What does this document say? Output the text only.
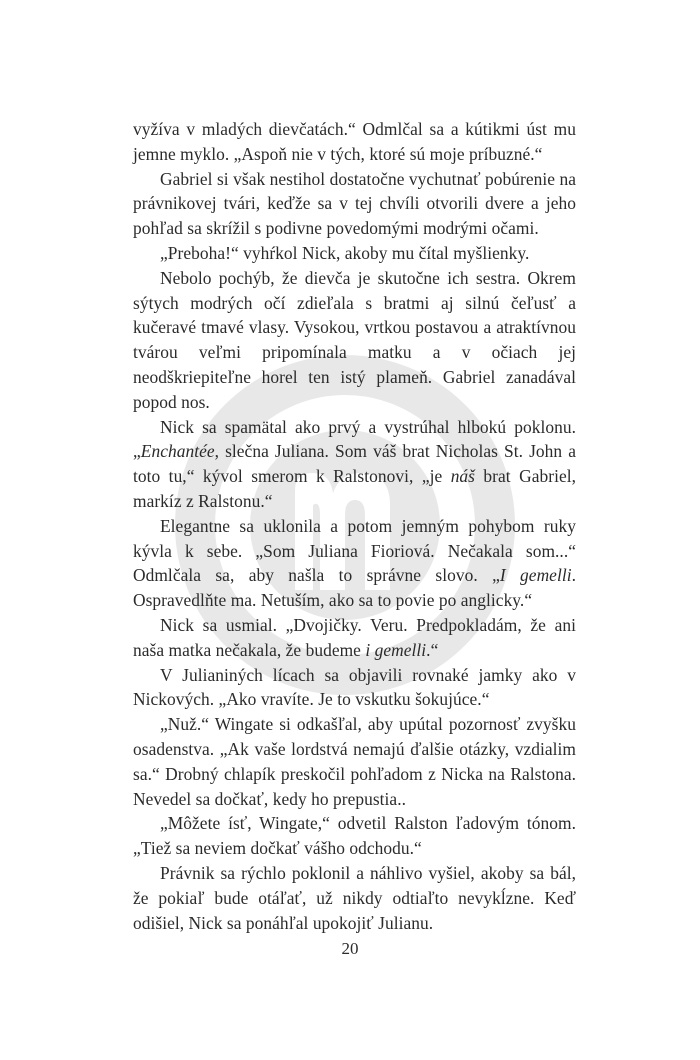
vyžíva v mladých dievčatách.“ Odmlčal sa a kútikmi úst mu jemne myklo. „Aspoň nie v tých, ktoré sú moje príbuzné.“

Gabriel si však nestihol dostatočne vychutnať pobúrenie na právnikovej tvári, keďže sa v tej chvíli otvorili dvere a jeho pohľad sa skrížil s podivne povedomými modrými očami.

„Preboha!“ vyhŕkol Nick, akoby mu čítal myšlienky.

Nebolo pochýb, že dievča je skutočne ich sestra. Okrem sýtych modrých očí zdieľala s bratmi aj silnú čeľusť a kučeravé tmavé vlasy. Vysokou, vrtkou postavou a atraktívnou tvárou veľmi pripomínala matku a v očiach jej neodškriepiteľne horel ten istý plameň. Gabriel zanadával popod nos.

Nick sa spamätal ako prvý a vystrúhal hlbokú poklonu. „Enchantée, slečna Juliana. Som váš brat Nicholas St. John a toto tu,“ kývol smerom k Ralstonovi, „je náš brat Gabriel, markíz z Ralstonu.“

Elegantne sa uklonila a potom jemným pohybom ruky kývla k sebe. „Som Juliana Fioriová. Nečakala som...“ Odmlčala sa, aby našla to správne slovo. „I gemelli. Ospravedlňte ma. Netuším, ako sa to povie po anglicky.“

Nick sa usmial. „Dvojičky. Veru. Predpokladám, že ani naša matka nečakala, že budeme i gemelli.“

V Julianiných lícach sa objavili rovnaké jamky ako v Nickových. „Ako vravíte. Je to vskutku šokujúce.“

„Nuž.“ Wingate si odkašľal, aby upútal pozornosť zvyšku osadenstva. „Ak vaše lordstvá nemajú ďalšie otázky, vzdialim sa.“ Drobný chlapík preskočil pohľadom z Nicka na Ralstona. Nevedel sa dočkať, kedy ho prepustia..

„Môžete ísť, Wingate,“ odvetil Ralston ľadovým tónom. „Tiež sa neviem dočkať vášho odchodu.“

Právnik sa rýchlo poklonil a náhlivo vyšiel, akoby sa bál, že pokiaľ bude otáľať, už nikdy odtiaľto nevykĺzne. Keď odišiel, Nick sa ponáhľal upokojiť Julianu.

20
